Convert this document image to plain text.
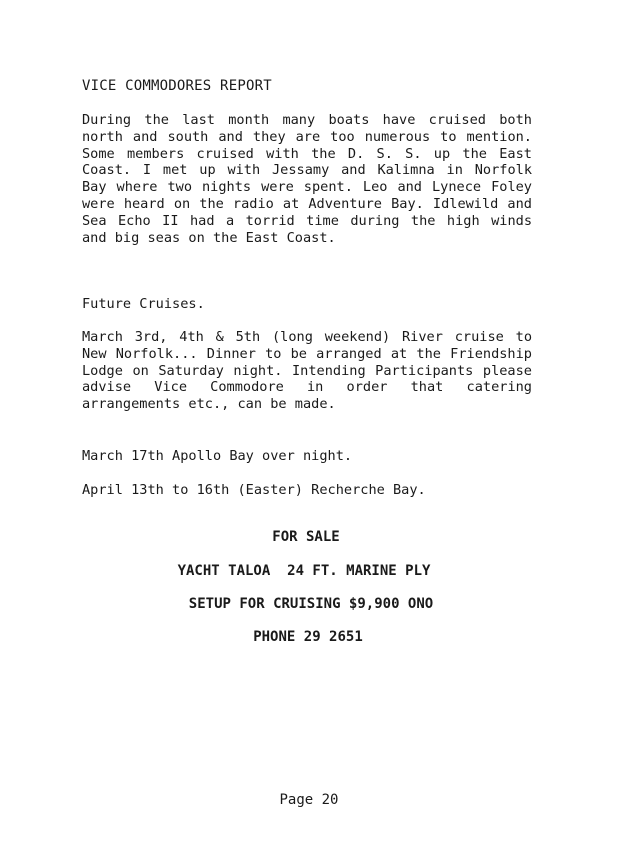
VICE COMMODORES REPORT

During the last month many boats have cruised both north and south and they are too numerous to mention. Some members cruised with the D. S. S. up the East Coast. I met up with Jessamy and Kalimna in Norfolk Bay where two nights were spent. Leo and Lynece Foley were heard on the radio at Adventure Bay. Idlewild and Sea Echo II had a torrid time during the high winds and big seas on the East Coast.

Future Cruises.

March 3rd, 4th & 5th (long weekend) River cruise to New Norfolk... Dinner to be arranged at the Friendship Lodge on Saturday night. Intending Participants please advise Vice Commodore in order that catering arrangements etc., can be made.

March 17th Apollo Bay over night.

April 13th to 16th (Easter) Recherche Bay.

FOR SALE
YACHT TALOA  24 FT. MARINE PLY
SETUP FOR CRUISING $9,900 ONO
PHONE 29 2651
Page 20
